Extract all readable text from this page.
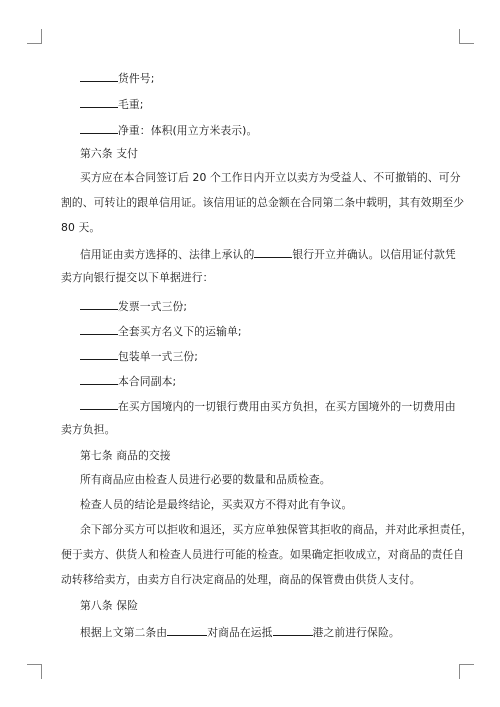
货件号;
毛重;
净重：体积(用立方米表示)。
第六条 支付
买方应在本合同签订后 20 个工作日内开立以卖方为受益人、不可撤销的、可分
割的、可转让的跟单信用证。该信用证的总金额在合同第二条中载明，其有效期至少
80 天。
信用证由卖方选择的、法律上承认的	银行开立并确认。以信用证付款凭
卖方向银行提交以下单据进行：
发票一式三份;
全套买方名义下的运输单;
包装单一式三份;
本合同副本;
在买方国境内的一切银行费用由买方负担，在买方国境外的一切费用由
卖方负担。
第七条 商品的交接
所有商品应由检查人员进行必要的数量和品质检查。
检查人员的结论是最终结论，买卖双方不得对此有争议。
余下部分买方可以拒收和退还，买方应单独保管其拒收的商品，并对此承担责任，
便于卖方、供货人和检查人员进行可能的检查。如果确定拒收成立，对商品的责任自
动转移给卖方，由卖方自行决定商品的处理，商品的保管费由供货人支付。
第八条 保险
根据上文第二条由	对商品在运抵	港之前进行保险。
